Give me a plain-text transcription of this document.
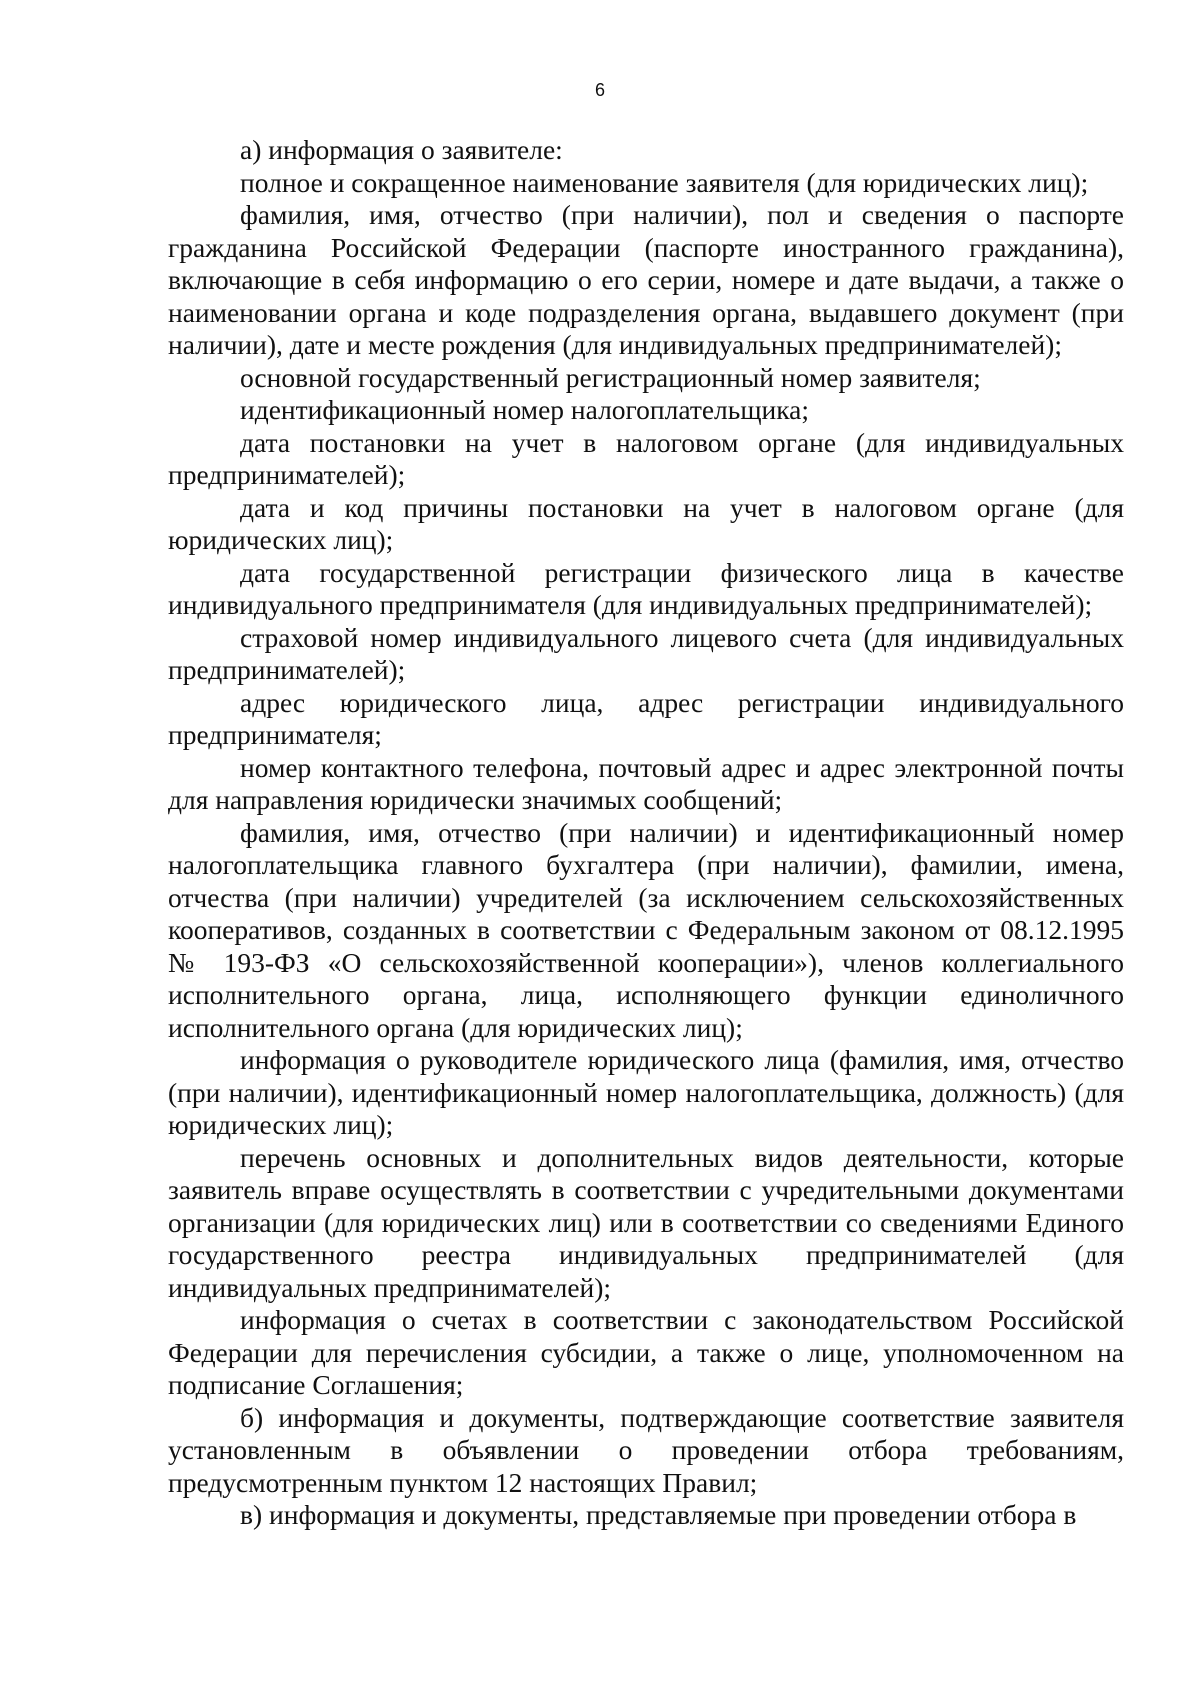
6

а) информация о заявителе:

полное и сокращенное наименование заявителя (для юридических лиц);

фамилия, имя, отчество (при наличии), пол и сведения о паспорте гражданина Российской Федерации (паспорте иностранного гражданина), включающие в себя информацию о его серии, номере и дате выдачи, а также о наименовании органа и коде подразделения органа, выдавшего документ (при наличии), дате и месте рождения (для индивидуальных предпринимателей);

основной государственный регистрационный номер заявителя;

идентификационный номер налогоплательщика;

дата постановки на учет в налоговом органе (для индивидуальных предпринимателей);

дата и код причины постановки на учет в налоговом органе (для юридических лиц);

дата государственной регистрации физического лица в качестве индивидуального предпринимателя (для индивидуальных предпринимателей);

страховой номер индивидуального лицевого счета (для индивидуальных предпринимателей);

адрес юридического лица, адрес регистрации индивидуального предпринимателя;

номер контактного телефона, почтовый адрес и адрес электронной почты для направления юридически значимых сообщений;

фамилия, имя, отчество (при наличии) и идентификационный номер налогоплательщика главного бухгалтера (при наличии), фамилии, имена, отчества (при наличии) учредителей (за исключением сельскохозяйственных кооперативов, созданных в соответствии с Федеральным законом от 08.12.1995 № 193-ФЗ «О сельскохозяйственной кооперации»), членов коллегиального исполнительного органа, лица, исполняющего функции единоличного исполнительного органа (для юридических лиц);

информация о руководителе юридического лица (фамилия, имя, отчество (при наличии), идентификационный номер налогоплательщика, должность) (для юридических лиц);

перечень основных и дополнительных видов деятельности, которые заявитель вправе осуществлять в соответствии с учредительными документами организации (для юридических лиц) или в соответствии со сведениями Единого государственного реестра индивидуальных предпринимателей (для индивидуальных предпринимателей);

информация о счетах в соответствии с законодательством Российской Федерации для перечисления субсидии, а также о лице, уполномоченном на подписание Соглашения;

б) информация и документы, подтверждающие соответствие заявителя установленным в объявлении о проведении отбора требованиям, предусмотренным пунктом 12 настоящих Правил;

в) информация и документы, представляемые при проведении отбора в
